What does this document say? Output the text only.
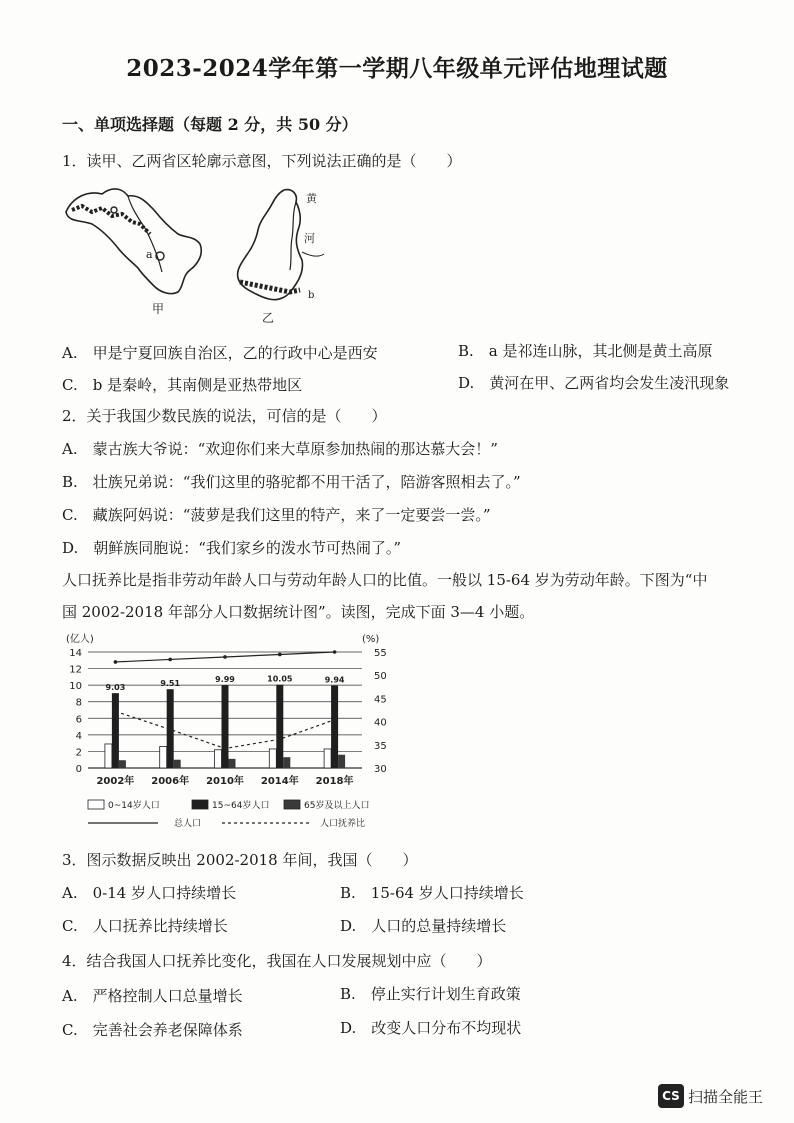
2023-2024学年第一学期八年级单元评估地理试题
一、单项选择题（每题 2 分，共 50 分）
1．读甲、乙两省区轮廓示意图，下列说法正确的是（　　）
a
甲
黄
河
b
乙
A.　甲是宁夏回族自治区，乙的行政中心是西安	B.　a 是祁连山脉，其北侧是黄土高原
C.　b 是秦岭，其南侧是亚热带地区	D.　黄河在甲、乙两省均会发生凌汛现象
2．关于我国少数民族的说法，可信的是（　　）
A.　蒙古族大爷说：“欢迎你们来大草原参加热闹的那达慕大会！”
B.　壮族兄弟说：“我们这里的骆驼都不用干活了，陪游客照相去了。”
C.　藏族阿妈说：“菠萝是我们这里的特产，来了一定要尝一尝。”
D.　朝鲜族同胞说：“我们家乡的泼水节可热闹了。”
人口抚养比是指非劳动年龄人口与劳动年龄人口的比值。一般以 15-64 岁为劳动年龄。下图为“中
国 2002-2018 年部分人口数据统计图”。读图，完成下面 3—4 小题。
(亿人)	(%)
0
2
4
6
8
10
12
14
30
35
40
45
50
55
9.03	9.51	9.99	10.05	9.94
2002年 2006年 2010年 2014年 2018年
0~14岁人口	15~64岁人口	65岁及以上人口
总人口	人口抚养比
3．图示数据反映出 2002-2018 年间，我国（　　）
A.　0-14 岁人口持续增长	B.　15-64 岁人口持续增长
C.　人口抚养比持续增长	D.　人口的总量持续增长
4．结合我国人口抚养比变化，我国在人口发展规划中应（　　）
A.　严格控制人口总量增长	B.　停止实行计划生育政策
C.　完善社会养老保障体系	D.　改变人口分布不均现状
CS 扫描全能王
